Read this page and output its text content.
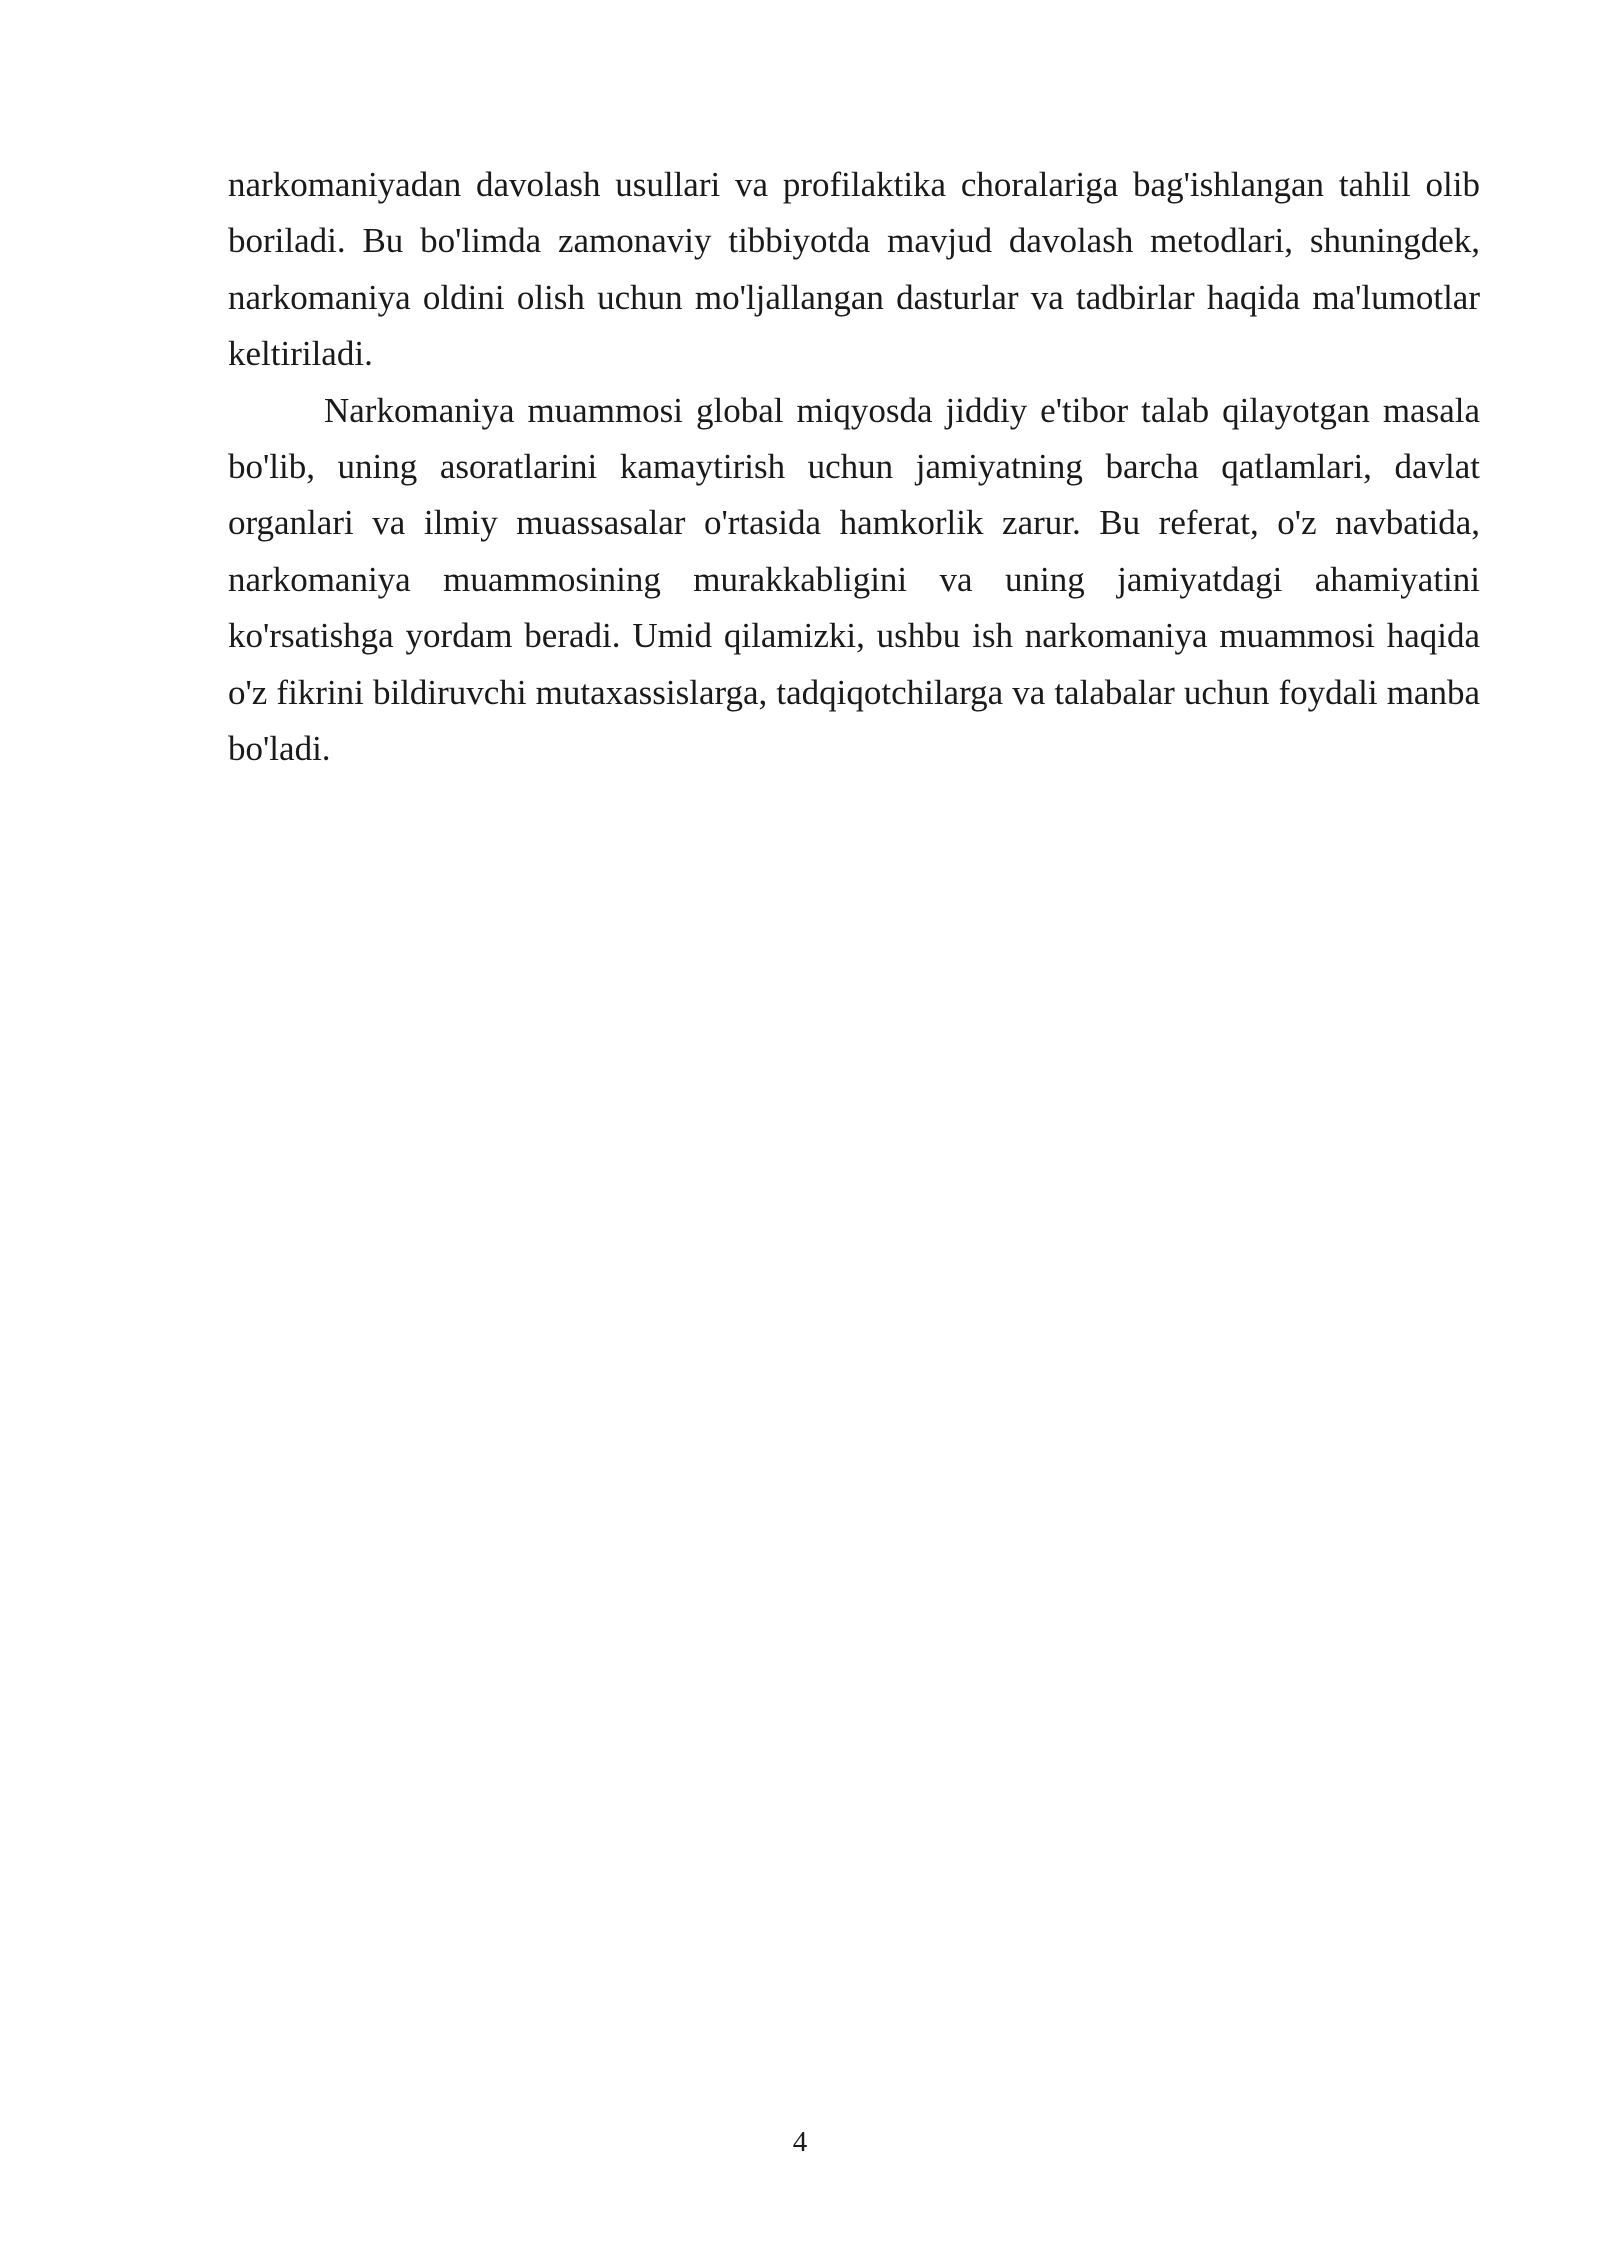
narkomaniyadan davolash usullari va profilaktika choralariga bag'ishlangan tahlil olib boriladi. Bu bo'limda zamonaviy tibbiyotda mavjud davolash metodlari, shuningdek, narkomaniya oldini olish uchun mo'ljallangan dasturlar va tadbirlar haqida ma'lumotlar keltiriladi.

Narkomaniya muammosi global miqyosda jiddiy e'tibor talab qilayotgan masala bo'lib, uning asoratlarini kamaytirish uchun jamiyatning barcha qatlamlari, davlat organlari va ilmiy muassasalar o'rtasida hamkorlik zarur. Bu referat, o'z navbatida, narkomaniya muammosining murakkabligini va uning jamiyatdagi ahamiyatini ko'rsatishga yordam beradi. Umid qilamizki, ushbu ish narkomaniya muammosi haqida o'z fikrini bildiruvchi mutaxassislarga, tadqiqotchilarga va talabalar uchun foydali manba bo'ladi.

4
